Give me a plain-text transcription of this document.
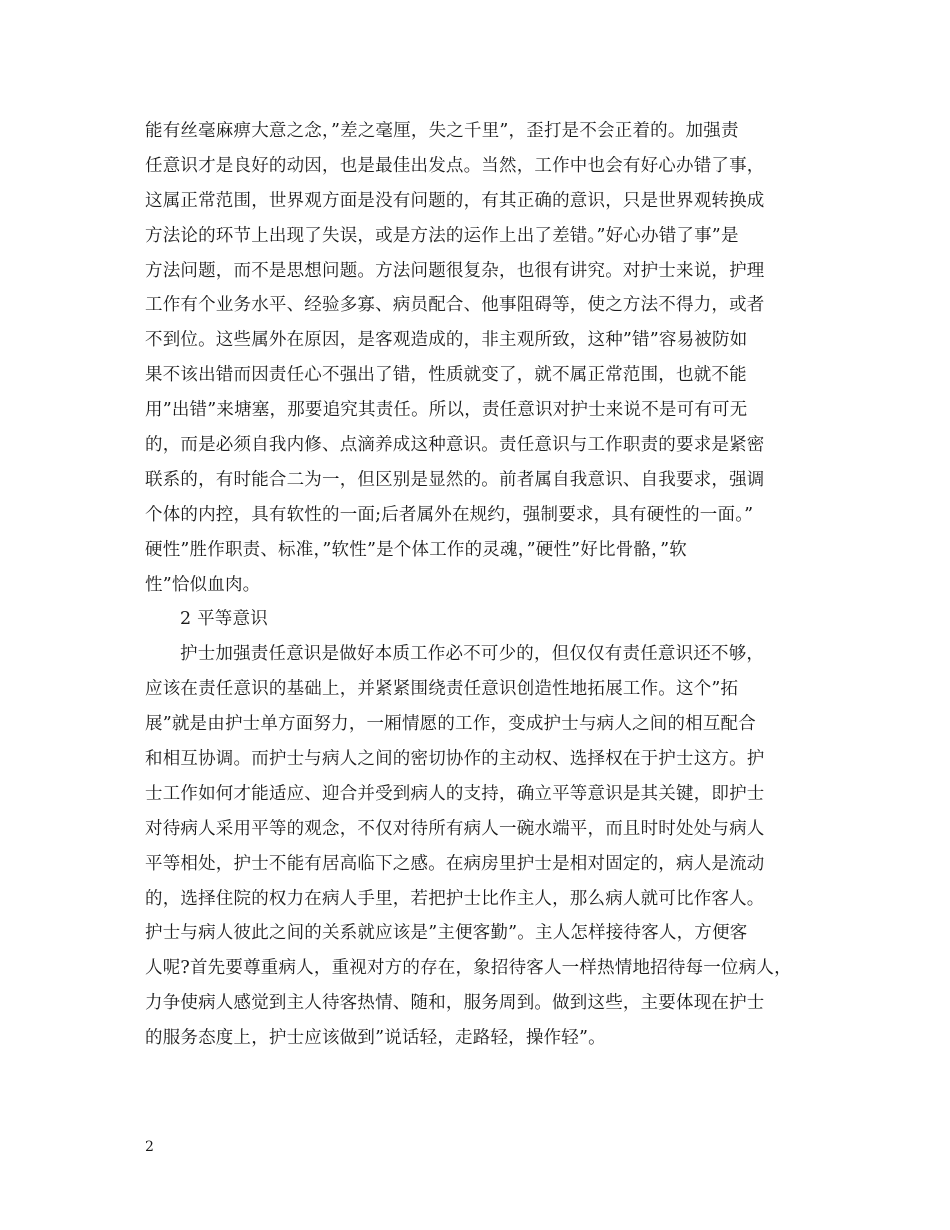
能有丝毫麻痹大意之念，”差之毫厘，失之千里”，歪打是不会正着的。加强责
任意识才是良好的动因，也是最佳出发点。当然，工作中也会有好心办错了事，
这属正常范围，世界观方面是没有问题的，有其正确的意识，只是世界观转换成
方法论的环节上出现了失误，或是方法的运作上出了差错。”好心办错了事”是
方法问题，而不是思想问题。方法问题很复杂，也很有讲究。对护士来说，护理
工作有个业务水平、经验多寡、病员配合、他事阻碍等，使之方法不得力，或者
不到位。这些属外在原因，是客观造成的，非主观所致，这种”错”容易被防如
果不该出错而因责任心不强出了错，性质就变了，就不属正常范围，也就不能
用”出错”来塘塞，那要追究其责任。所以，责任意识对护士来说不是可有可无
的，而是必须自我内修、点滴养成这种意识。责任意识与工作职责的要求是紧密
联系的，有时能合二为一，但区别是显然的。前者属自我意识、自我要求，强调
个体的内控，具有软性的一面;后者属外在规约，强制要求，具有硬性的一面。”
硬性”胜作职责、标准，”软性”是个体工作的灵魂，”硬性”好比骨骼，”软
性”恰似血肉。
2 平等意识
护士加强责任意识是做好本质工作必不可少的，但仅仅有责任意识还不够，
应该在责任意识的基础上，并紧紧围绕责任意识创造性地拓展工作。这个”拓
展”就是由护士单方面努力，一厢情愿的工作，变成护士与病人之间的相互配合
和相互协调。而护士与病人之间的密切协作的主动权、选择权在于护士这方。护
士工作如何才能适应、迎合并受到病人的支持，确立平等意识是其关键，即护士
对待病人采用平等的观念，不仅对待所有病人一碗水端平，而且时时处处与病人
平等相处，护士不能有居高临下之感。在病房里护士是相对固定的，病人是流动
的，选择住院的权力在病人手里，若把护士比作主人，那么病人就可比作客人。
护士与病人彼此之间的关系就应该是”主便客勤”。主人怎样接待客人，方便客
人呢?首先要尊重病人，重视对方的存在，象招待客人一样热情地招待每一位病人，
力争使病人感觉到主人待客热情、随和，服务周到。做到这些，主要体现在护士
的服务态度上，护士应该做到”说话轻，走路轻，操作轻”。
2
